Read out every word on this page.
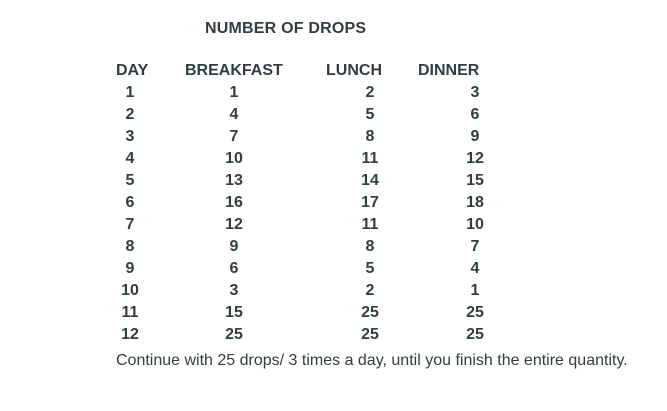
NUMBER OF DROPS
DAY BREAKFAST	LUNCH DINNER
1	1	2	3
2	4	5	6
3	7	8	9
4	10	11	12
5	13	14	15
6	16	17	18
7	12	11	10
8	9	8	7
9	6	5	4
10	3	2	1
11	15	25	25
12	25	25	25
Continue with 25 drops/ 3 times a day, until you finish the entire quantity.
